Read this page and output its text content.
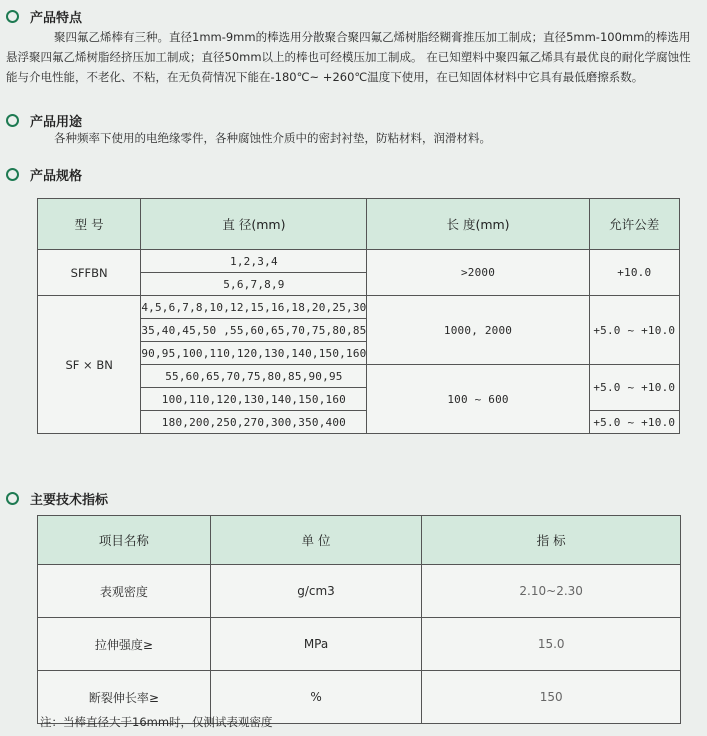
产品特点
聚四氟乙烯棒有三种。直径1mm-9mm的棒选用分散聚合聚四氟乙烯树脂经糊膏推压加工制成；直径5mm-100mm的棒选用悬浮聚四氟乙烯树脂经挤压加工制成；直径50mm以上的棒也可经模压加工制成。 在已知塑料中聚四氟乙烯具有最优良的耐化学腐蚀性能与介电性能，不老化、不粘，在无负荷情况下能在-180℃~ +260℃温度下使用，在已知固体材料中它具有最低磨擦系数。
产品用途
各种频率下使用的电绝缘零件，各种腐蚀性介质中的密封衬垫，防粘材料，润滑材料。
产品规格
型 号	直 径(mm)	长 度(mm)	允许公差
SFFBN	1,2,3,4	>2000	+10.0
	5,6,7,8,9		
SF × BN	4,5,6,7,8,10,12,15,16,18,20,25,30	1000, 2000	+5.0 ~ +10.0
	35,40,45,50 ,55,60,65,70,75,80,85		
	90,95,100,110,120,130,140,150,160		
	55,60,65,70,75,80,85,90,95	100 ~ 600	+5.0 ~ +10.0
	100,110,120,130,140,150,160		
	180,200,250,270,300,350,400		+5.0 ~ +10.0
主要技术指标
项目名称	单 位	指 标
表观密度	g/cm3	2.10~2.30
拉伸强度≥	MPa	15.0
断裂伸长率≥	%	150
注：当棒直径大于16mm时，仅测试表观密度
